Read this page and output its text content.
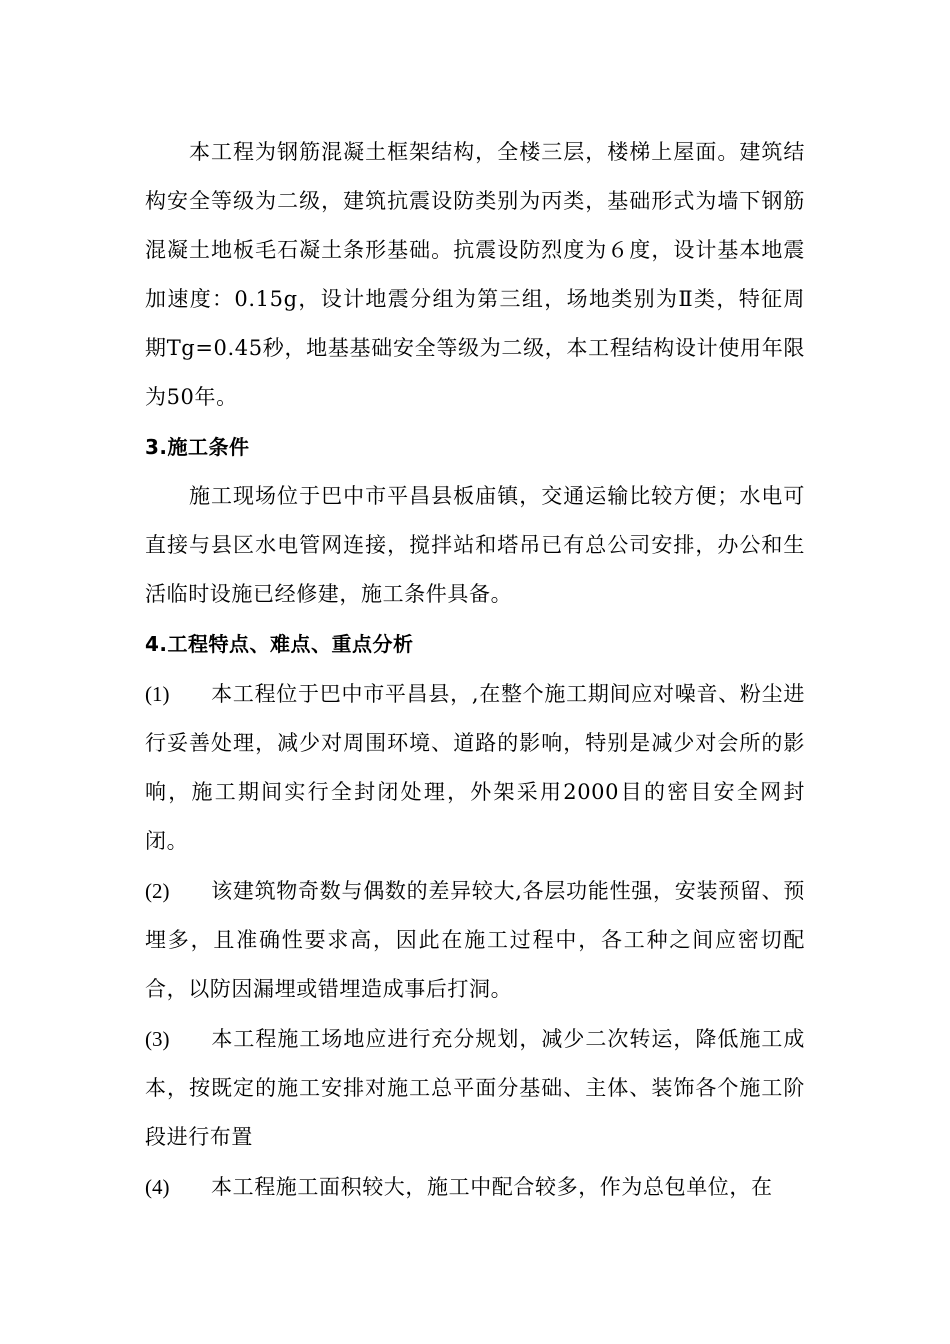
本工程为钢筋混凝土框架结构，全楼三层，楼梯上屋面。建筑结构安全等级为二级，建筑抗震设防类别为丙类，基础形式为墙下钢筋混凝土地板毛石凝土条形基础。抗震设防烈度为６度，设计基本地震加速度：0.15g，设计地震分组为第三组，场地类别为Ⅱ类，特征周期Tg=0.45秒，地基基础安全等级为二级，本工程结构设计使用年限为50年。

3.施工条件

施工现场位于巴中市平昌县板庙镇，交通运输比较方便；水电可直接与县区水电管网连接，搅拌站和塔吊已有总公司安排，办公和生活临时设施已经修建，施工条件具备。

4.工程特点、难点、重点分析

(1) 本工程位于巴中市平昌县，,在整个施工期间应对噪音、粉尘进行妥善处理，减少对周围环境、道路的影响，特别是减少对会所的影响，施工期间实行全封闭处理，外架采用2000目的密目安全网封闭。

(2) 该建筑物奇数与偶数的差异较大,各层功能性强，安装预留、预埋多，且准确性要求高，因此在施工过程中，各工种之间应密切配合，以防因漏埋或错埋造成事后打洞。

(3) 本工程施工场地应进行充分规划，减少二次转运，降低施工成本，按既定的施工安排对施工总平面分基础、主体、装饰各个施工阶段进行布置

(4) 本工程施工面积较大，施工中配合较多，作为总包单位，在
